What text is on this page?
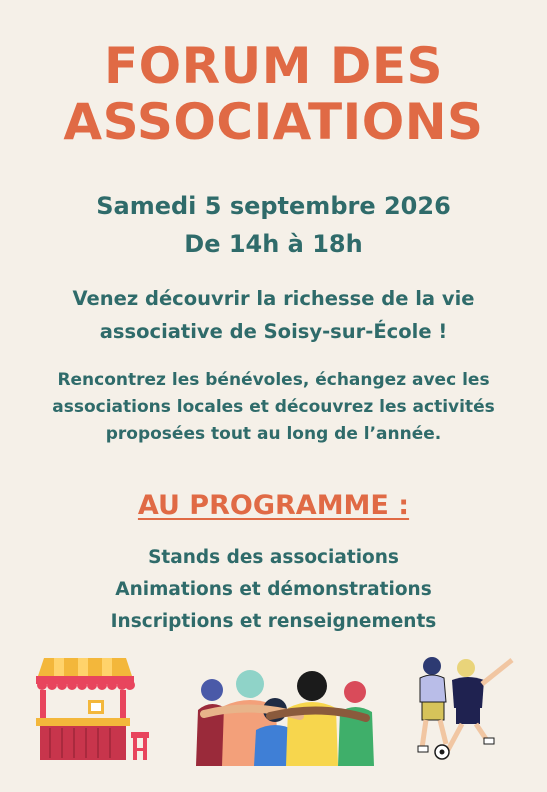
FORUM DES
ASSOCIATIONS
Samedi 5 septembre 2026
De 14h à 18h
Venez découvrir la richesse de la vie associative de Soisy-sur-École !
Rencontrez les bénévoles, échangez avec les associations locales et découvrez les activités proposées tout au long de l’année.
AU PROGRAMME :
Stands des associations
Animations et démonstrations
Inscriptions et renseignements
